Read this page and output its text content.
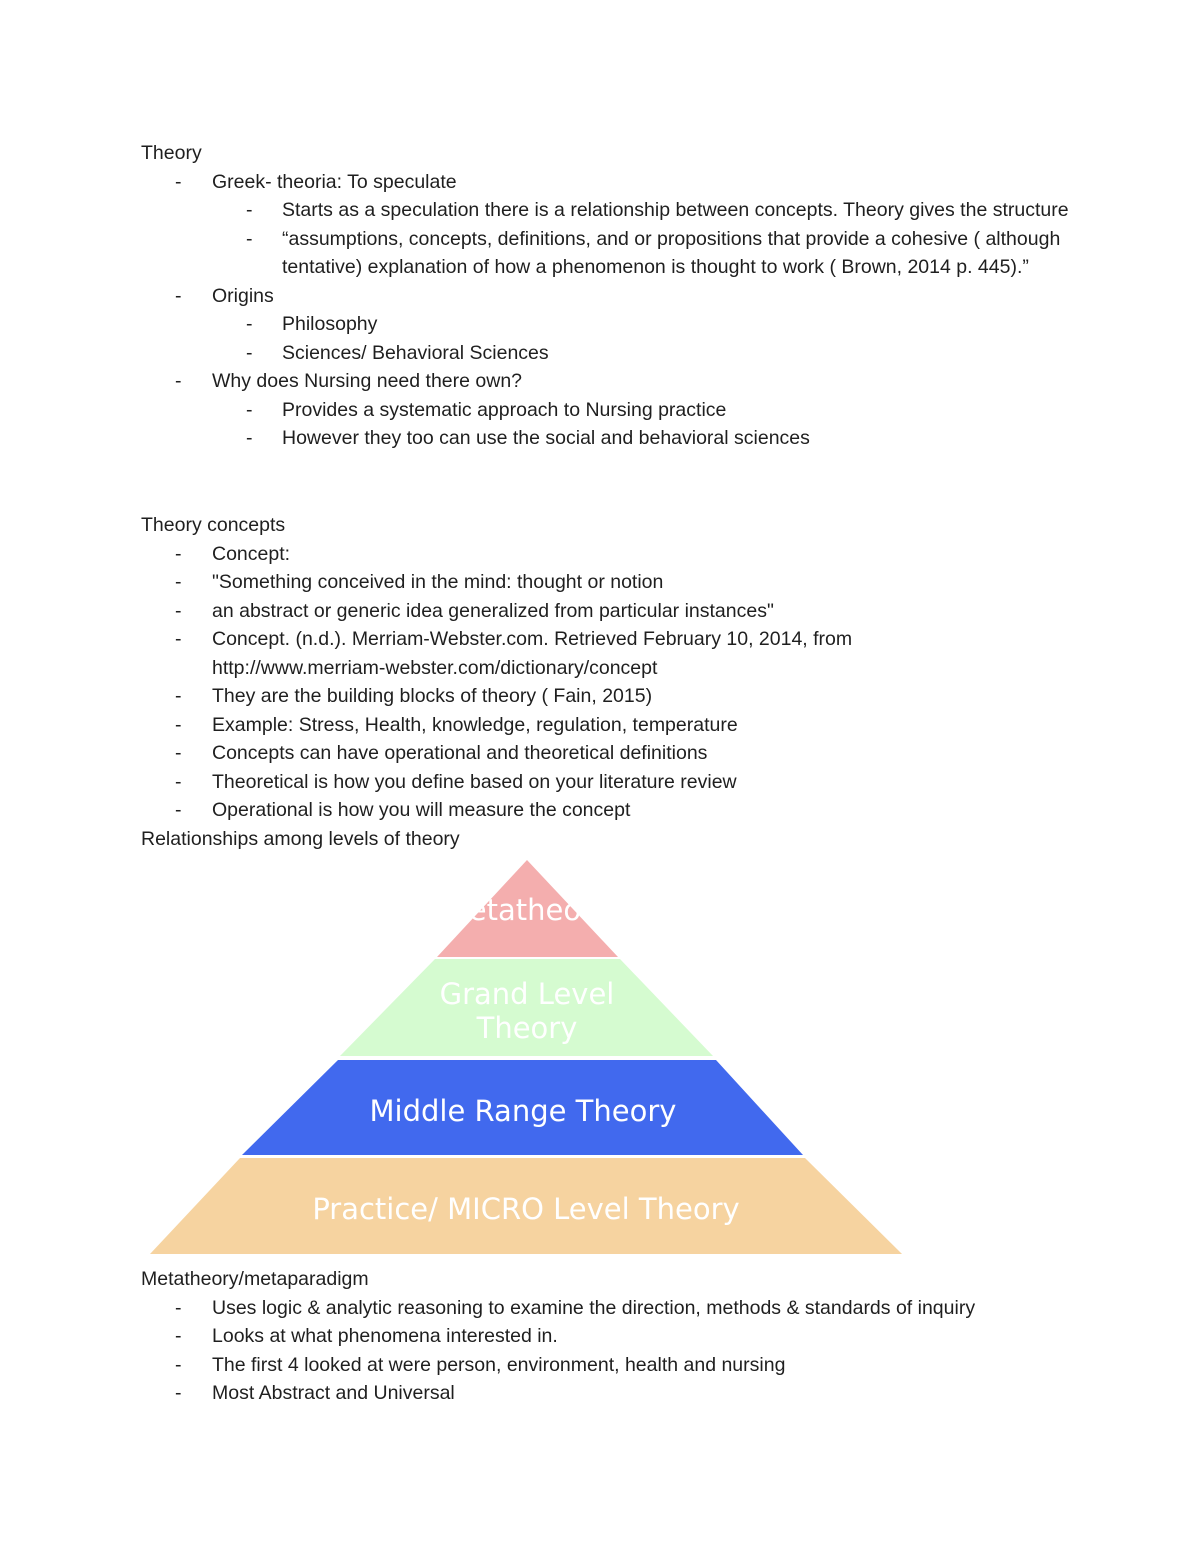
Theory
-	Greek- theoria: To speculate
-	Starts as a speculation there is a relationship between concepts. Theory gives the structure
-	“assumptions, concepts, definitions, and or propositions that provide a cohesive ( although tentative) explanation of how a phenomenon is thought to work ( Brown, 2014 p. 445).”
-	Origins
-	Philosophy
-	Sciences/ Behavioral Sciences
-	Why does Nursing need there own?
-	Provides a systematic approach to Nursing practice
-	However they too can use the social and behavioral sciences
Theory concepts
-	Concept:
-	"Something conceived in the mind: thought or notion
-	an abstract or generic idea generalized from particular instances"
-	Concept. (n.d.). Merriam-Webster.com. Retrieved February 10, 2014, from http://www.merriam-webster.com/dictionary/concept
-	They are the building blocks of theory ( Fain, 2015)
-	Example: Stress, Health, knowledge, regulation, temperature
-	Concepts can have operational and theoretical definitions
-	Theoretical is how you define based on your literature review
-	Operational is how you will measure the concept
Relationships among levels of theory
Metatheory
Grand Level
Theory
Middle Range Theory
Practice/ MICRO Level Theory
Metatheory/metaparadigm
-	Uses logic & analytic reasoning to examine the direction, methods & standards of inquiry
-	Looks at what phenomena interested in.
-	The first 4 looked at were person, environment, health and nursing
-	Most Abstract and Universal
